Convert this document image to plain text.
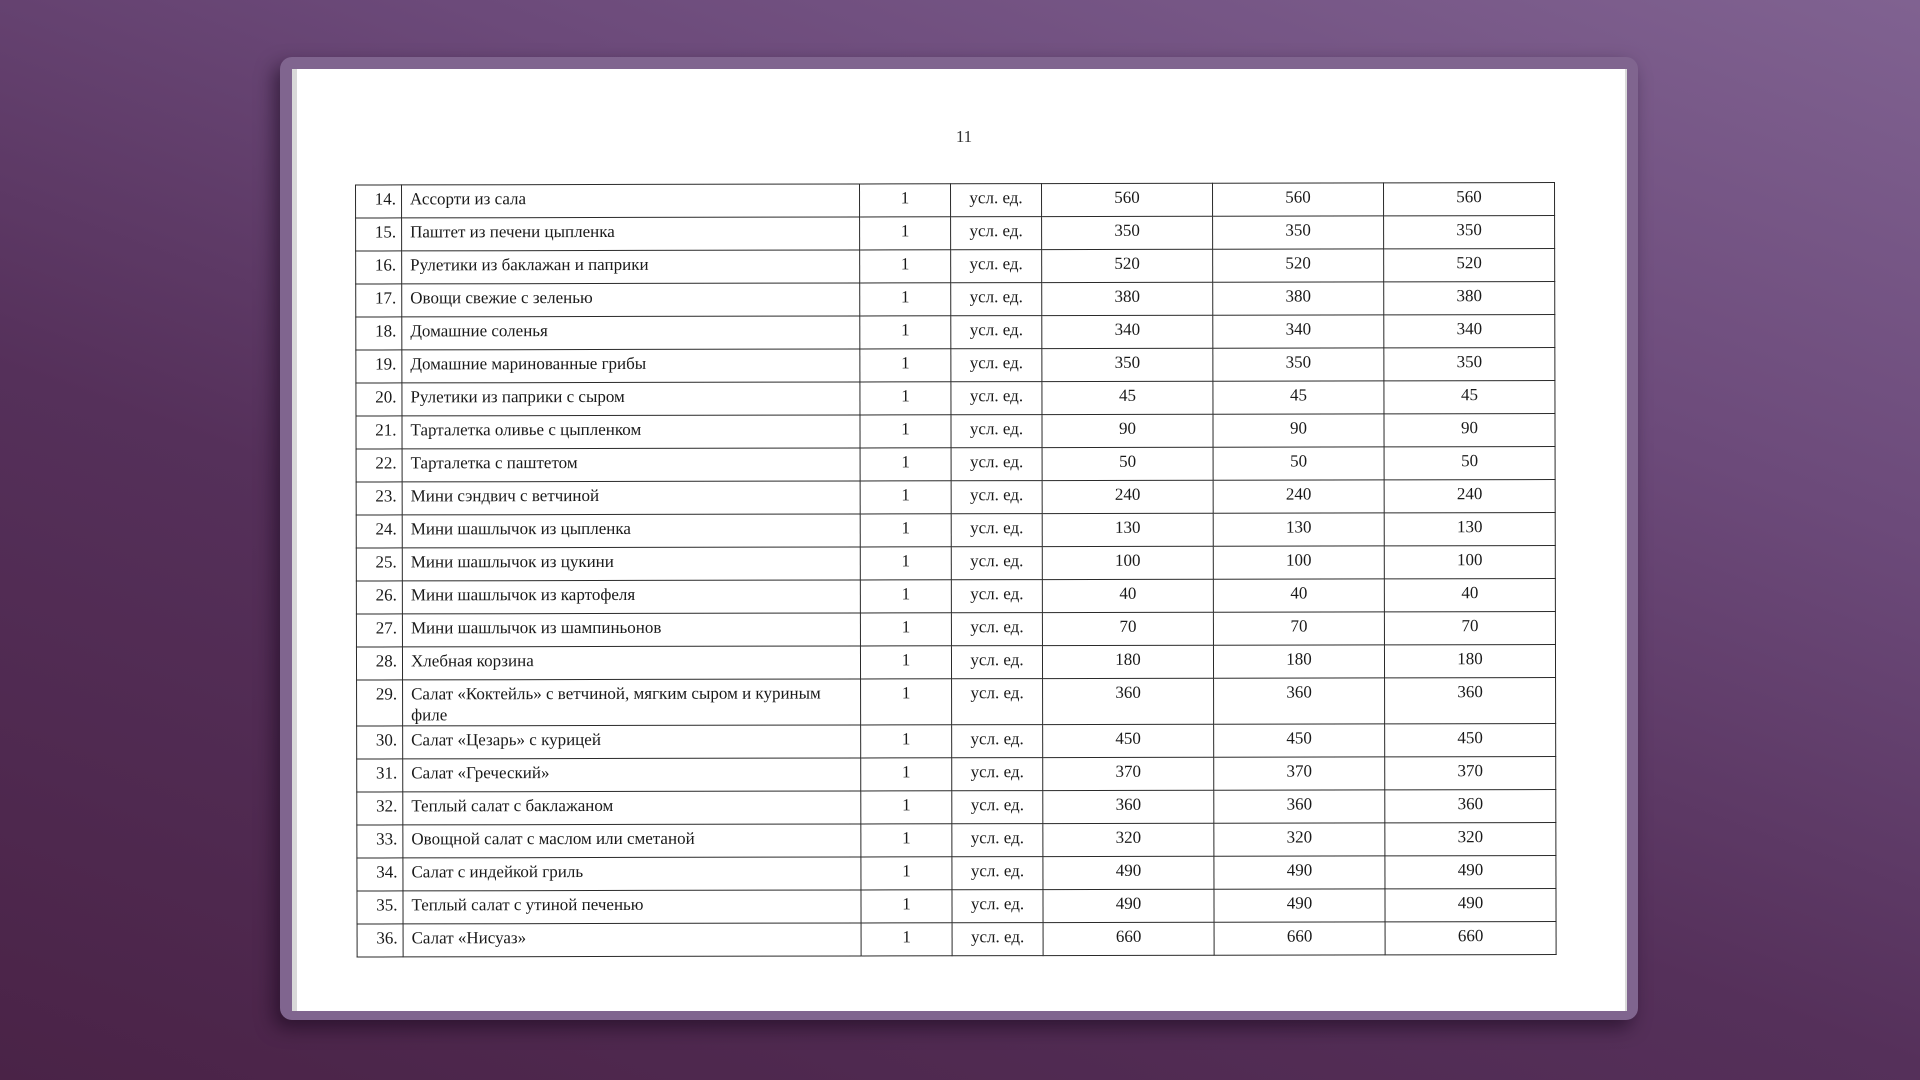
11
14.	Ассорти из сала	1	усл. ед.	560	560	560
15.	Паштет из печени цыпленка	1	усл. ед.	350	350	350
16.	Рулетики из баклажан и паприки	1	усл. ед.	520	520	520
17.	Овощи свежие с зеленью	1	усл. ед.	380	380	380
18.	Домашние соленья	1	усл. ед.	340	340	340
19.	Домашние маринованные грибы	1	усл. ед.	350	350	350
20.	Рулетики из паприки с сыром	1	усл. ед.	45	45	45
21.	Тарталетка оливье с цыпленком	1	усл. ед.	90	90	90
22.	Тарталетка с паштетом	1	усл. ед.	50	50	50
23.	Мини сэндвич с ветчиной	1	усл. ед.	240	240	240
24.	Мини шашлычок из цыпленка	1	усл. ед.	130	130	130
25.	Мини шашлычок из цукини	1	усл. ед.	100	100	100
26.	Мини шашлычок из картофеля	1	усл. ед.	40	40	40
27.	Мини шашлычок из шампиньонов	1	усл. ед.	70	70	70
28.	Хлебная корзина	1	усл. ед.	180	180	180
29.	Салат «Коктейль» с ветчиной, мягким сыром и куриным филе	1	усл. ед.	360	360	360
30.	Салат «Цезарь» с курицей	1	усл. ед.	450	450	450
31.	Салат «Греческий»	1	усл. ед.	370	370	370
32.	Теплый салат с баклажаном	1	усл. ед.	360	360	360
33.	Овощной салат с маслом или сметаной	1	усл. ед.	320	320	320
34.	Салат с индейкой гриль	1	усл. ед.	490	490	490
35.	Теплый салат с утиной печенью	1	усл. ед.	490	490	490
36.	Салат «Нисуаз»	1	усл. ед.	660	660	660
